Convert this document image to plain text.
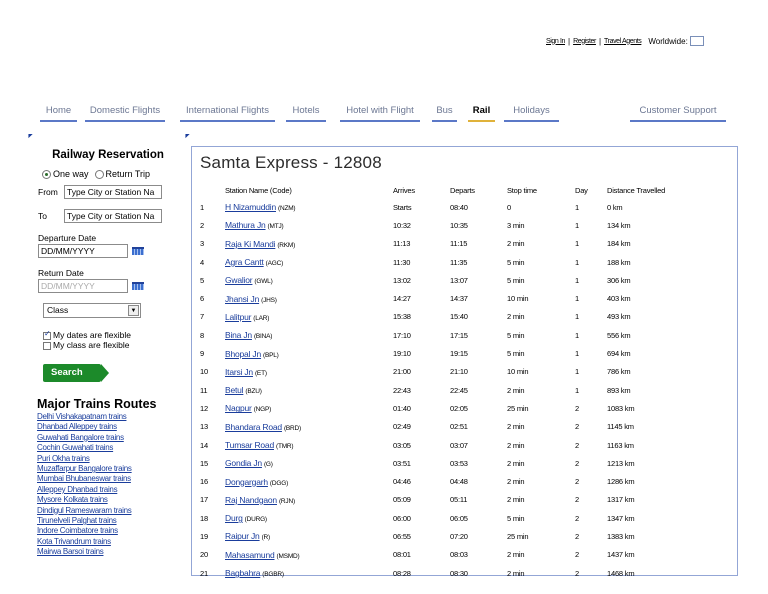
Sign In | Register | Travel Agents Worldwide:
Home	Domestic Flights	International Flights	Hotels	Hotel with Flight	Bus	Rail	Holidays	Customer Support
Railway Reservation
One way	Return Trip
From	Type City or Station Na
To	Type City or Station Na
Departure Date
DD/MM/YYYY
Return Date
DD/MM/YYYY
Class	▼
✓My dates are flexible
My class are flexible
Search
Major Trains Routes
Delhi Vishakapatnam trains
Dhanbad Alleppey trains
Guwahati Bangalore trains
Cochin Guwahati trains
Puri Okha trains
Muzaffarpur Bangalore trains
Mumbai Bhubaneswar trains
Alleppey Dhanbad trains
Mysore Kolkata trains
Dindigul Rameswaram trains
Tirunelveli Palghat trains
Indore Coimbatore trains
Kota Trivandrum trains
Mairwa Barsoi trains
Samta Express - 12808
	Station Name (Code)	Arrives	Departs	Stop time	Day	Distance Travelled
1	H Nizamuddin (NZM)	Starts	08:40	0	1	0 km
2	Mathura Jn (MTJ)	10:32	10:35	3 min	1	134 km
3	Raja Ki Mandi (RKM)	11:13	11:15	2 min	1	184 km
4	Agra Cantt (AGC)	11:30	11:35	5 min	1	188 km
5	Gwalior (GWL)	13:02	13:07	5 min	1	306 km
6	Jhansi Jn (JHS)	14:27	14:37	10 min	1	403 km
7	Lalitpur (LAR)	15:38	15:40	2 min	1	493 km
8	Bina Jn (BINA)	17:10	17:15	5 min	1	556 km
9	Bhopal Jn (BPL)	19:10	19:15	5 min	1	694 km
10	Itarsi Jn (ET)	21:00	21:10	10 min	1	786 km
11	Betul (BZU)	22:43	22:45	2 min	1	893 km
12	Nagpur (NGP)	01:40	02:05	25 min	2	1083 km
13	Bhandara Road (BRD)	02:49	02:51	2 min	2	1145 km
14	Tumsar Road (TMR)	03:05	03:07	2 min	2	1163 km
15	Gondia Jn (G)	03:51	03:53	2 min	2	1213 km
16	Dongargarh (DGG)	04:46	04:48	2 min	2	1286 km
17	Raj Nandgaon (RJN)	05:09	05:11	2 min	2	1317 km
18	Durg (DURG)	06:00	06:05	5 min	2	1347 km
19	Raipur Jn (R)	06:55	07:20	25 min	2	1383 km
20	Mahasamund (MSMD)	08:01	08:03	2 min	2	1437 km
21	Bagbahra (BGBR)	08:28	08:30	2 min	2	1468 km
